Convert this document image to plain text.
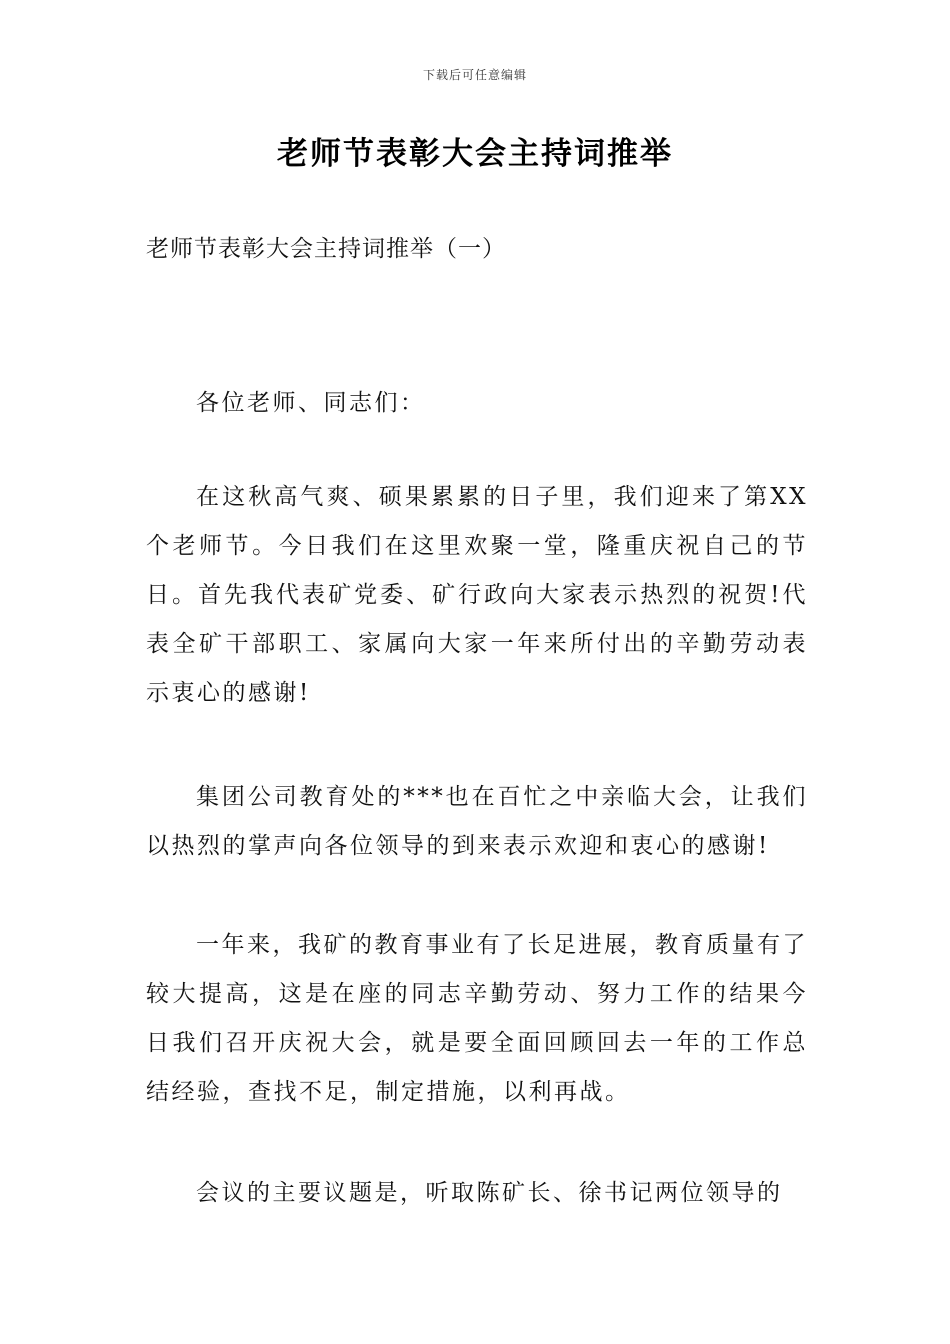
下载后可任意编辑
老师节表彰大会主持词推举
老师节表彰大会主持词推举（一）

各位老师、同志们：

在这秋高气爽、硕果累累的日子里，我们迎来了第XX个老师节。今日我们在这里欢聚一堂，隆重庆祝自己的节日。首先我代表矿党委、矿行政向大家表示热烈的祝贺!代表全矿干部职工、家属向大家一年来所付出的辛勤劳动表示衷心的感谢!

集团公司教育处的***也在百忙之中亲临大会，让我们以热烈的掌声向各位领导的到来表示欢迎和衷心的感谢!

一年来，我矿的教育事业有了长足进展，教育质量有了较大提高，这是在座的同志辛勤劳动、努力工作的结果今日我们召开庆祝大会，就是要全面回顾回去一年的工作总结经验，查找不足，制定措施，以利再战。

会议的主要议题是，听取陈矿长、徐书记两位领导的
